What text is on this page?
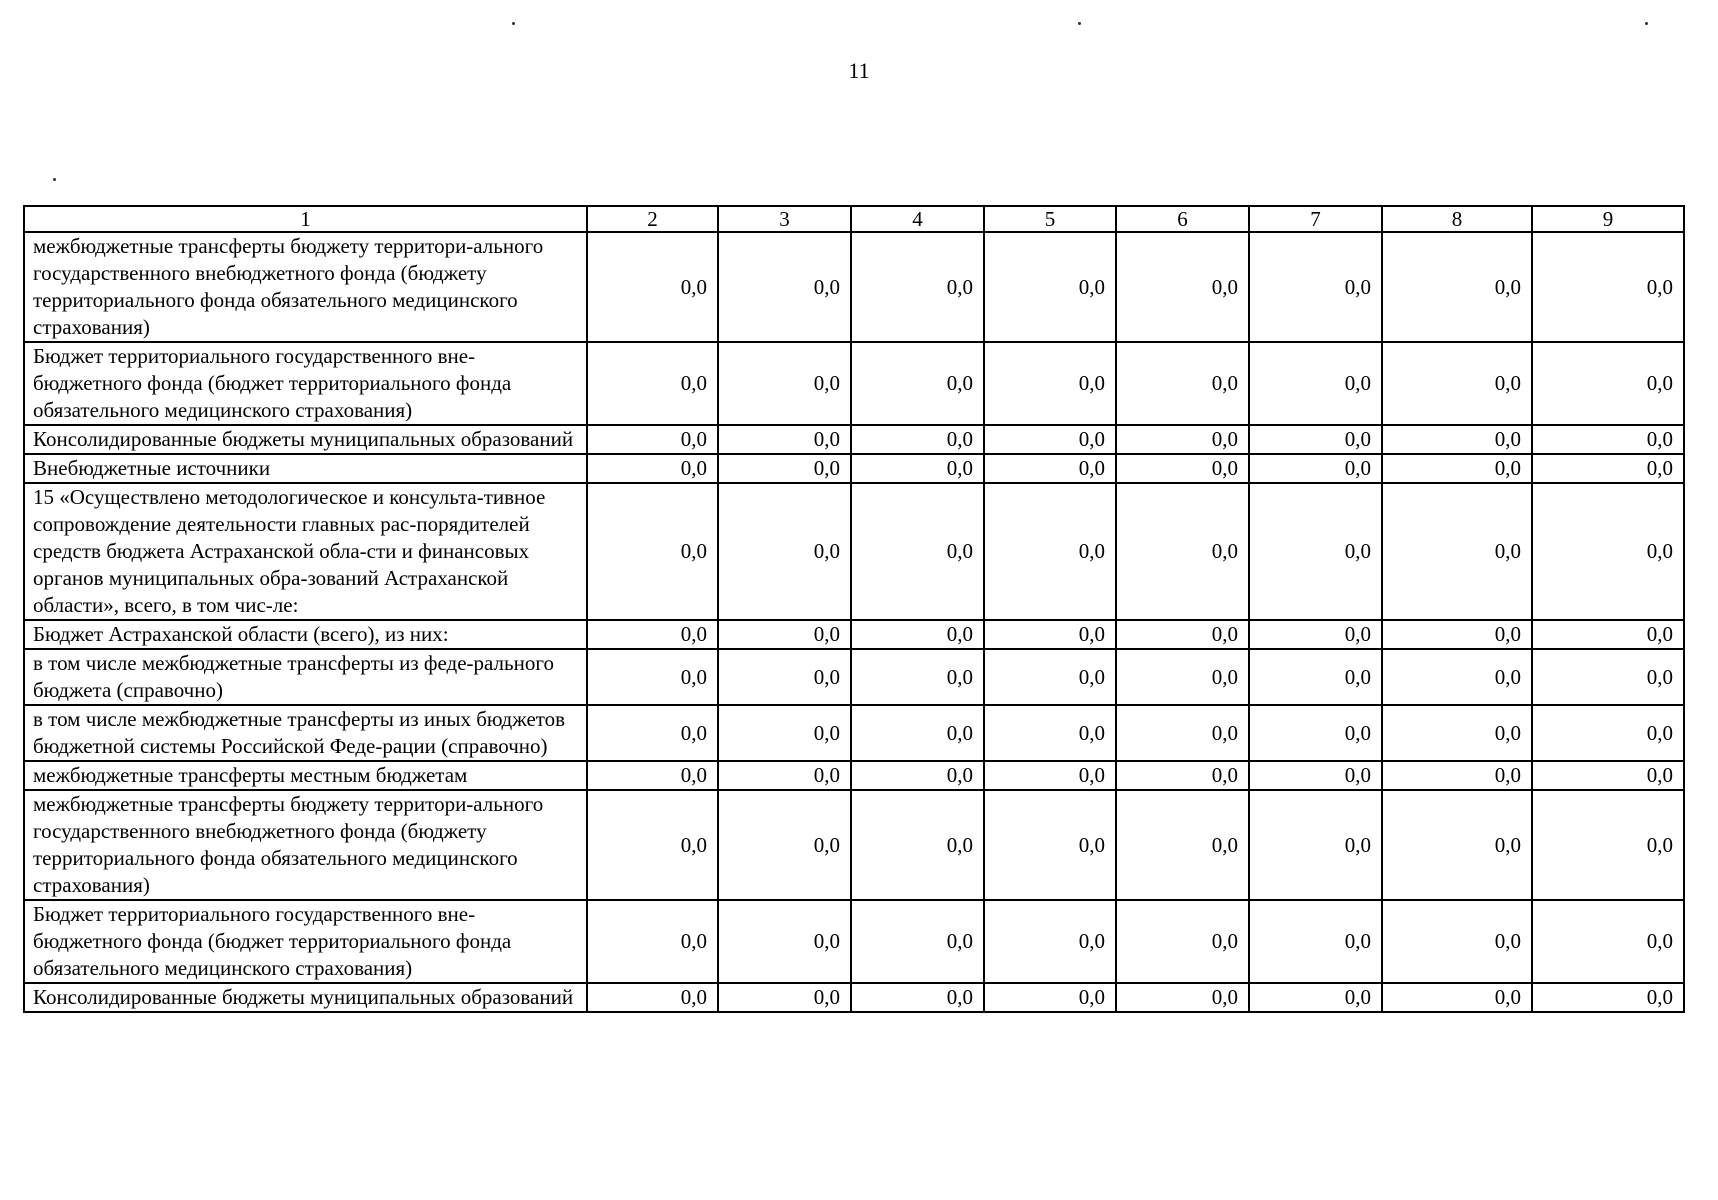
11
1	2	3	4	5	6	7	8	9
межбюджетные трансферты бюджету территори-ального государственного внебюджетного фонда (бюджету территориального фонда обязательного медицинского страхования)	0,0	0,0	0,0	0,0	0,0	0,0	0,0	0,0
Бюджет территориального государственного вне-бюджетного фонда (бюджет территориального фонда обязательного медицинского страхования)	0,0	0,0	0,0	0,0	0,0	0,0	0,0	0,0
Консолидированные бюджеты муниципальных образований	0,0	0,0	0,0	0,0	0,0	0,0	0,0	0,0
Внебюджетные источники	0,0	0,0	0,0	0,0	0,0	0,0	0,0	0,0
15 «Осуществлено методологическое и консульта-тивное сопровождение деятельности главных рас-порядителей средств бюджета Астраханской обла-сти и финансовых органов муниципальных обра-зований Астраханской области», всего, в том чис-ле:	0,0	0,0	0,0	0,0	0,0	0,0	0,0	0,0
Бюджет Астраханской области (всего), из них:	0,0	0,0	0,0	0,0	0,0	0,0	0,0	0,0
в том числе межбюджетные трансферты из феде-рального бюджета (справочно)	0,0	0,0	0,0	0,0	0,0	0,0	0,0	0,0
в том числе межбюджетные трансферты из иных бюджетов бюджетной системы Российской Феде-рации (справочно)	0,0	0,0	0,0	0,0	0,0	0,0	0,0	0,0
межбюджетные трансферты местным бюджетам	0,0	0,0	0,0	0,0	0,0	0,0	0,0	0,0
межбюджетные трансферты бюджету территори-ального государственного внебюджетного фонда (бюджету территориального фонда обязательного медицинского страхования)	0,0	0,0	0,0	0,0	0,0	0,0	0,0	0,0
Бюджет территориального государственного вне-бюджетного фонда (бюджет территориального фонда обязательного медицинского страхования)	0,0	0,0	0,0	0,0	0,0	0,0	0,0	0,0
Консолидированные бюджеты муниципальных образований	0,0	0,0	0,0	0,0	0,0	0,0	0,0	0,0
